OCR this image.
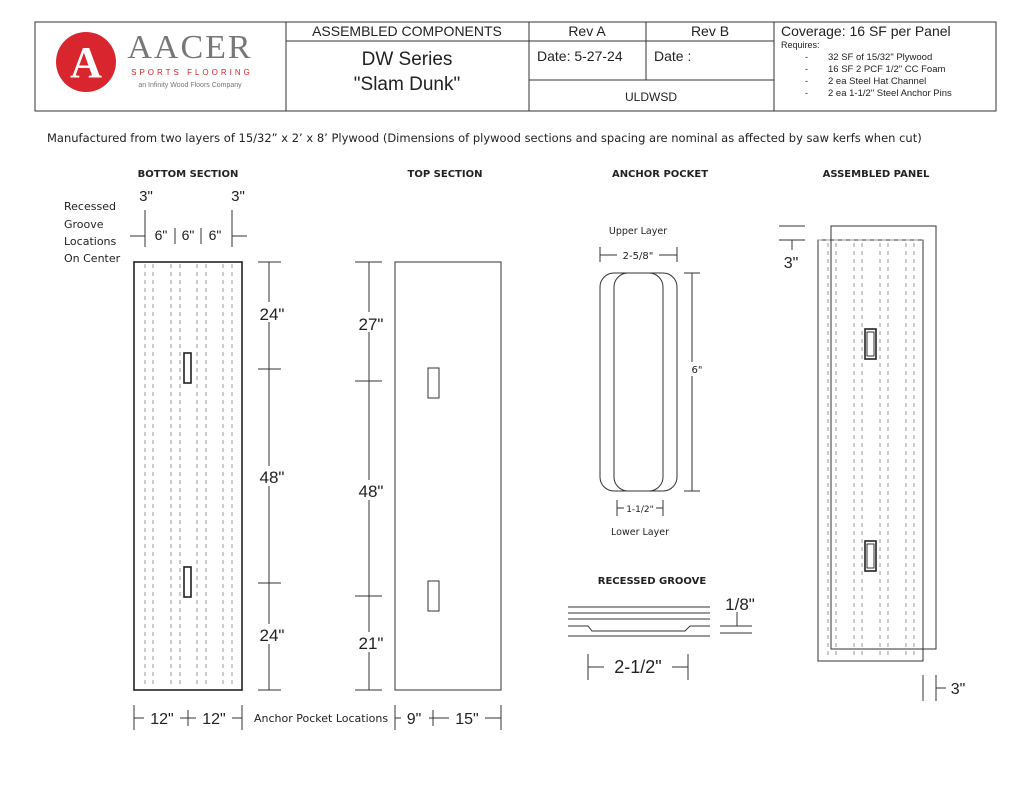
A AACER
SPORTS FLOORING
an Infinity Wood Floors Company
ASSEMBLED COMPONENTS
DW Series
"Slam Dunk"
Rev A	Rev B
Date: 5-27-24 Date :
ULDWSD
Coverage: 16 SF per Panel
Requires:
- 32 SF of 15/32" Plywood
- 16 SF 2 PCF 1/2" CC Foam
- 2 ea Steel Hat Channel
- 2 ea 1-1/2" Steel Anchor Pins
Manufactured from two layers of 15/32” x 2’ x 8’ Plywood (Dimensions of plywood sections and spacing are nominal as affected by saw kerfs when cut)
BOTTOM SECTION	TOP SECTION	ANCHOR POCKET	ASSEMBLED PANEL
Recessed
Groove
Locations
On Center
3"	3"
6" 6" 6"
24"
48"
24"
12" 12"	Anchor Pocket Locations
27"
48"
21"
9" 15"
Upper Layer
2-5/8"
6"
1-1/2"
Lower Layer
RECESSED GROOVE
1/8"
2-1/2"
3"
3"
